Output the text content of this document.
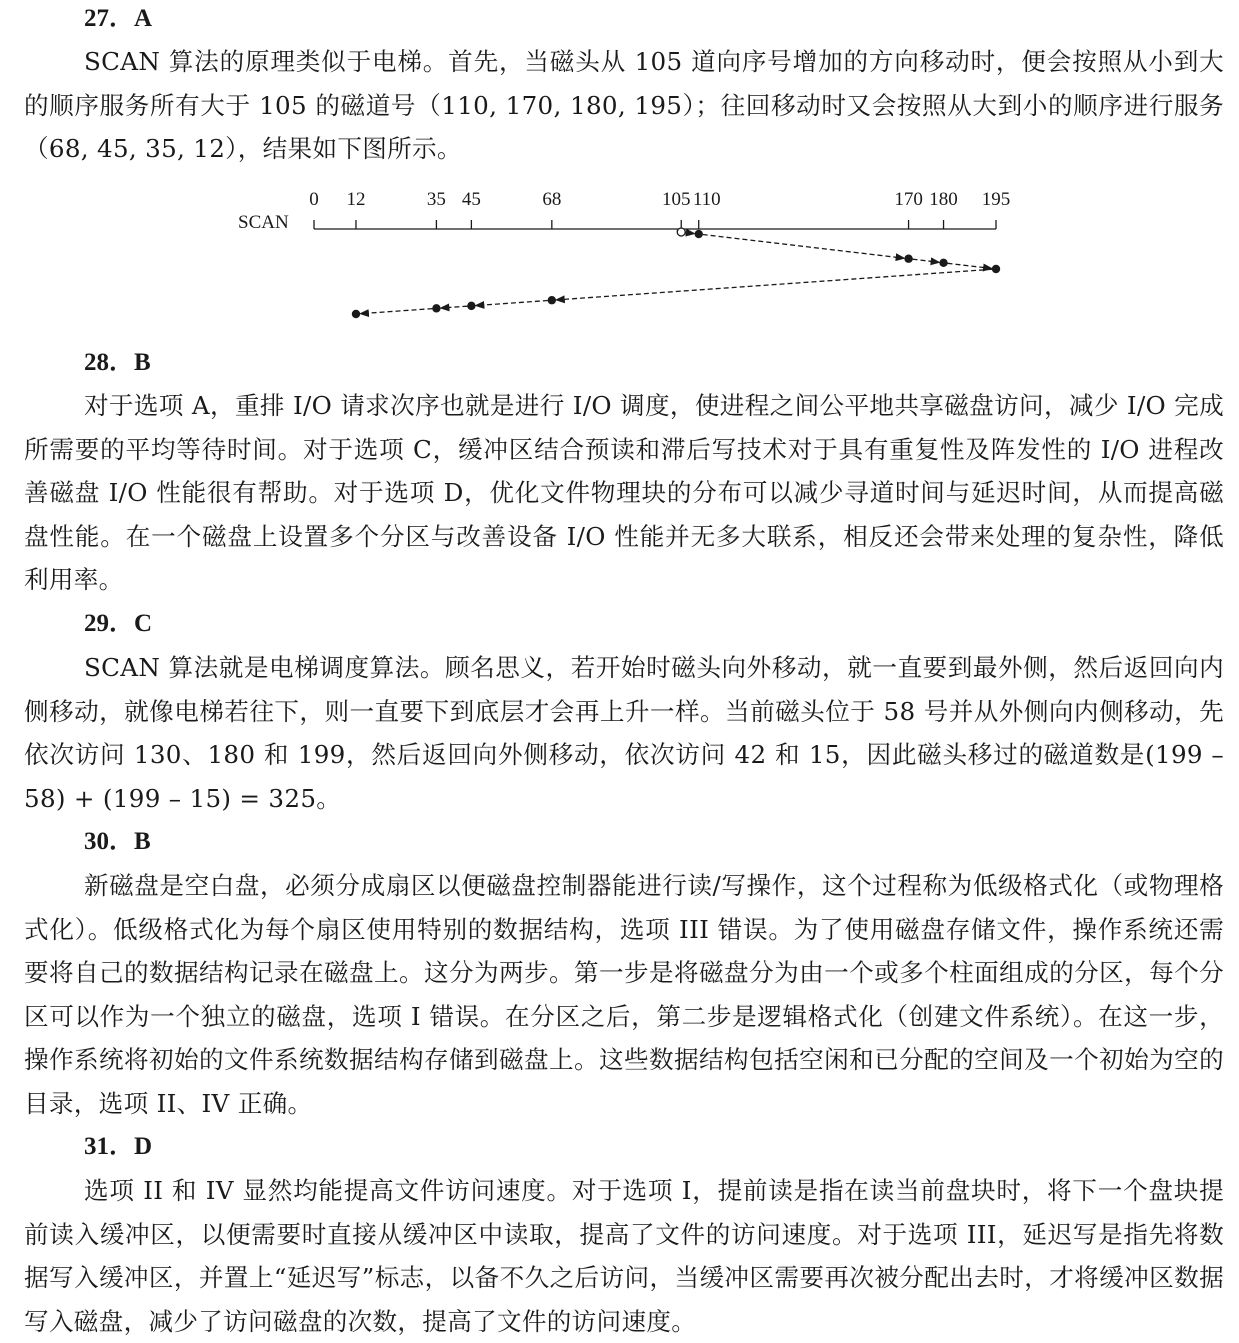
27．A

SCAN 算法的原理类似于电梯。首先，当磁头从 105 道向序号增加的方向移动时，便会按照从小到大的顺序服务所有大于 105 的磁道号（110, 170, 180, 195）；往回移动时又会按照从大到小的顺序进行服务（68, 45, 35, 12），结果如下图所示。

SCAN
0 12	35 45	68	105 110	170 180 195
28．B

对于选项 A，重排 I/O 请求次序也就是进行 I/O 调度，使进程之间公平地共享磁盘访问，减少 I/O 完成所需要的平均等待时间。对于选项 C，缓冲区结合预读和滞后写技术对于具有重复性及阵发性的 I/O 进程改善磁盘 I/O 性能很有帮助。对于选项 D，优化文件物理块的分布可以减少寻道时间与延迟时间，从而提高磁盘性能。在一个磁盘上设置多个分区与改善设备 I/O 性能并无多大联系，相反还会带来处理的复杂性，降低利用率。

29．C

SCAN 算法就是电梯调度算法。顾名思义，若开始时磁头向外移动，就一直要到最外侧，然后返回向内侧移动，就像电梯若往下，则一直要下到底层才会再上升一样。当前磁头位于 58 号并从外侧向内侧移动，先依次访问 130、180 和 199，然后返回向外侧移动，依次访问 42 和 15，因此磁头移过的磁道数是(199 – 58) + (199 – 15) = 325。

30．B

新磁盘是空白盘，必须分成扇区以便磁盘控制器能进行读/写操作，这个过程称为低级格式化（或物理格式化）。低级格式化为每个扇区使用特别的数据结构，选项 III 错误。为了使用磁盘存储文件，操作系统还需要将自己的数据结构记录在磁盘上。这分为两步。第一步是将磁盘分为由一个或多个柱面组成的分区，每个分区可以作为一个独立的磁盘，选项 I 错误。在分区之后，第二步是逻辑格式化（创建文件系统）。在这一步，操作系统将初始的文件系统数据结构存储到磁盘上。这些数据结构包括空闲和已分配的空间及一个初始为空的目录，选项 II、IV 正确。

31．D

选项 II 和 IV 显然均能提高文件访问速度。对于选项 I，提前读是指在读当前盘块时，将下一个盘块提前读入缓冲区，以便需要时直接从缓冲区中读取，提高了文件的访问速度。对于选项 III，延迟写是指先将数据写入缓冲区，并置上“延迟写”标志，以备不久之后访问，当缓冲区需要再次被分配出去时，才将缓冲区数据写入磁盘，减少了访问磁盘的次数，提高了文件的访问速度。
